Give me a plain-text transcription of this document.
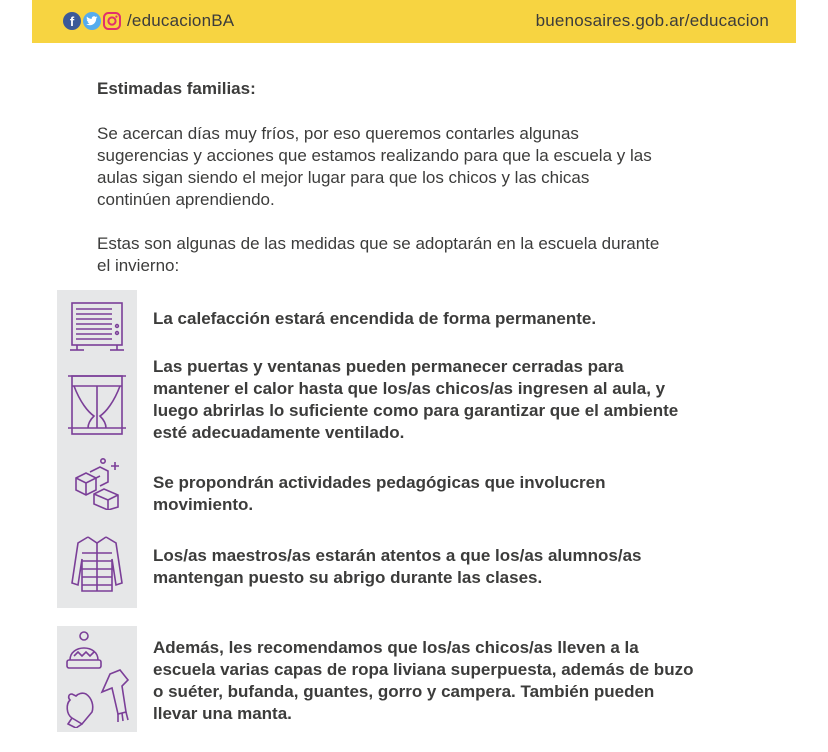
f	/educacionBA	buenosaires.gob.ar/educacion
Estimadas familias:
Se acercan días muy fríos, por eso queremos contarles algunas
sugerencias y acciones que estamos realizando para que la escuela y las
aulas sigan siendo el mejor lugar para que los chicos y las chicas
continúen aprendiendo.
Estas son algunas de las medidas que se adoptarán en la escuela durante
el invierno:
La calefacción estará encendida de forma permanente.
Las puertas y ventanas pueden permanecer cerradas para
mantener el calor hasta que los/as chicos/as ingresen al aula, y
luego abrirlas lo suficiente como para garantizar que el ambiente
esté adecuadamente ventilado.
Se propondrán actividades pedagógicas que involucren
movimiento.
Los/as maestros/as estarán atentos a que los/as alumnos/as
mantengan puesto su abrigo durante las clases.
Además, les recomendamos que los/as chicos/as lleven a la
escuela varias capas de ropa liviana superpuesta, además de buzo
o suéter, bufanda, guantes, gorro y campera. También pueden
llevar una manta.
